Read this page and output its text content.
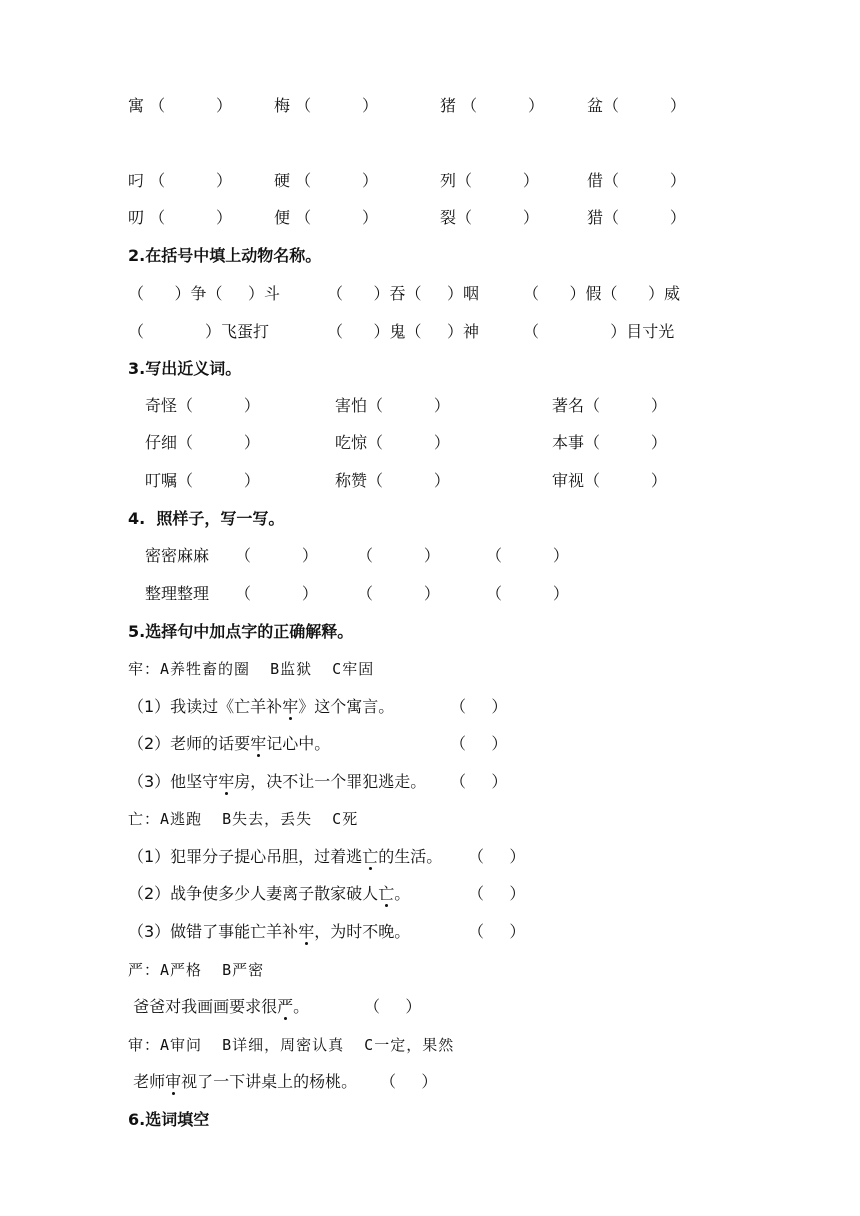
寓 （          ）	梅 （          ）	猪 （          ）	盆（          ）
叼 （          ）	硬 （          ）	列（          ）	借（          ）
叨 （          ）	便 （          ）	裂（          ）	猎（          ）
2.在括号中填上动物名称。
（      ）争（     ）斗	（      ）吞（     ）咽	（      ）假（      ）威
（            ）飞蛋打	（      ）鬼（     ）神	（              ）目寸光
3.写出近义词。
奇怪（          ）	害怕（          ）	著名（          ）
仔细（          ）	吃惊（          ）	本事（          ）
叮嘱（          ）	称赞（          ）	审视（          ）
4.  照样子，写一写。
密密麻麻 （          ） （          ）	（          ）
整理整理 （          ） （          ）	（          ）
5.选择句中加点字的正确解释。
牢：A养牲畜的圈  B监狱  C牢固
（1）我读过《亡羊补牢》这个寓言。	（     ）
（2）老师的话要牢记心中。	（     ）
（3）他坚守牢房，决不让一个罪犯逃走。 （     ）
亡：A逃跑  B失去，丢失  C死
（1）犯罪分子提心吊胆，过着逃亡的生活。 （     ）
（2）战争使多少人妻离子散家破人亡。	（     ）
（3）做错了事能亡羊补牢，为时不晚。	（     ）
严：A严格  B严密
爸爸对我画画要求很严。	（     ）
审：A审问  B详细，周密认真  C一定，果然
老师审视了一下讲桌上的杨桃。 （     ）
6.选词填空
